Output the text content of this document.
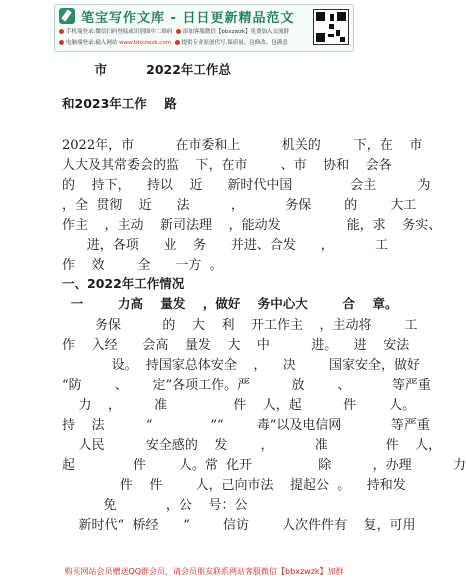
笔宝写作文库 - 日日更新精品范文
手机端登录:微信扫码登陆或识别图中二维码 添加客服微信【bbxzwzk】免费加入交流群
电脑端登录:输入网站 www.bbxzwzk.com 提供专业原创代写,保质量、包修改、包满意
市         2022年工作总
和2023年工作    路
2022年，市          在市委和上          机关的        下，在    市
人大及其常委会的监    下，在市        、市    协和    会各
的    持下，    持以    近      新时代中国              会主          为
，全  贯彻    近      法          ，          务保        的        大工
作主    ，主动    新司法理    ，能动发                能，求    务实、
进，各项      业    务      并进、合发      ，          工
作    效        全      一方  。
一、2022年工作情况
一        力高    量发    ，做好    务中心大        合    章。
务保          的    大    利    开工作主    ，主动将        工
作    入经      会高    量发    大    中          进。    进    安法
设。  持国家总体安全    ，    决        国家安全，做好
“防        、      定”各项工作。严          放        、          等严重
力    ，        准                件    人，起          件        人。
持    法          “              ”“        毒”以及电信网            等严重
人民          安全感的    发        ，          准              件    人，
起              件        人。常  化开                除          ，办理          力
件    件        人，己向市法    提起公  。    持和发
免            ，公    号：公
新时代“  桥经      ”        信访        人次件件有    复，可用
购买网站会员赠送QQ群会员，请会员朋友联系网站客服微信【bbxzwzk】加群
